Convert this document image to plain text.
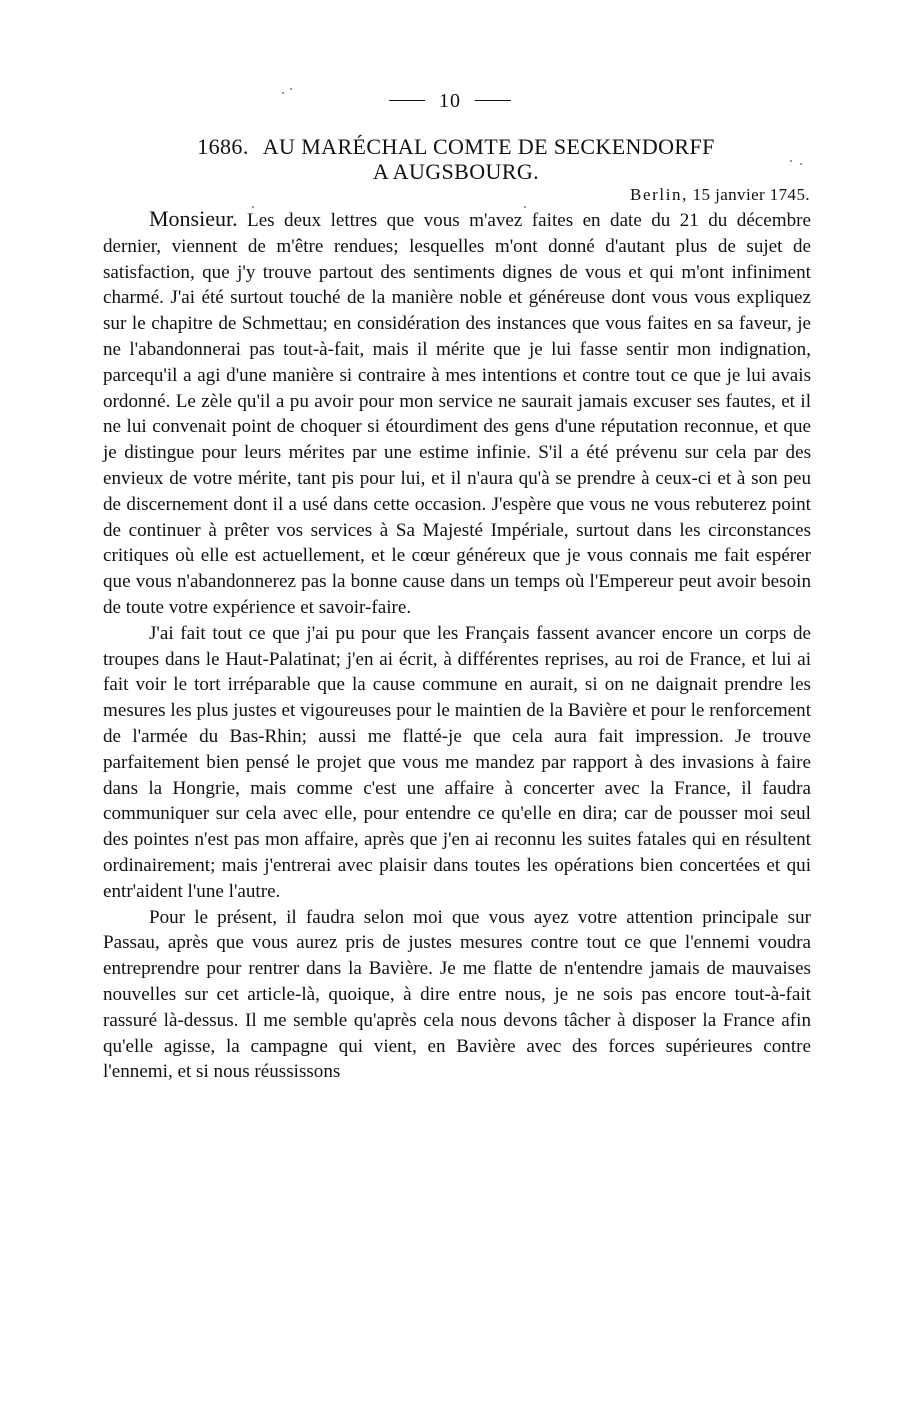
10
1686. AU MARÉCHAL COMTE DE SECKENDORFF
A AUGSBOURG.
Berlin, 15 janvier 1745.

Monsieur. Les deux lettres que vous m'avez faites en date du 21 du décembre dernier, viennent de m'être rendues; lesquelles m'ont donné d'autant plus de sujet de satisfaction, que j'y trouve partout des sentiments dignes de vous et qui m'ont infiniment charmé. J'ai été surtout touché de la manière noble et généreuse dont vous vous expliquez sur le chapitre de Schmettau; en considération des instances que vous faites en sa faveur, je ne l'abandonnerai pas tout-à-fait, mais il mérite que je lui fasse sentir mon indignation, parcequ'il a agi d'une manière si contraire à mes intentions et contre tout ce que je lui avais ordonné. Le zèle qu'il a pu avoir pour mon service ne saurait jamais excuser ses fautes, et il ne lui convenait point de choquer si étourdiment des gens d'une réputation reconnue, et que je distingue pour leurs mérites par une estime infinie. S'il a été prévenu sur cela par des envieux de votre mérite, tant pis pour lui, et il n'aura qu'à se prendre à ceux-ci et à son peu de discernement dont il a usé dans cette occasion. J'espère que vous ne vous rebuterez point de continuer à prêter vos services à Sa Majesté Impériale, surtout dans les circonstances critiques où elle est actuellement, et le cœur généreux que je vous connais me fait espérer que vous n'abandonnerez pas la bonne cause dans un temps où l'Empereur peut avoir besoin de toute votre expérience et savoir-faire.

J'ai fait tout ce que j'ai pu pour que les Français fassent avancer encore un corps de troupes dans le Haut-Palatinat; j'en ai écrit, à différentes reprises, au roi de France, et lui ai fait voir le tort irréparable que la cause commune en aurait, si on ne daignait prendre les mesures les plus justes et vigoureuses pour le maintien de la Bavière et pour le renforcement de l'armée du Bas-Rhin; aussi me flatté-je que cela aura fait impression. Je trouve parfaitement bien pensé le projet que vous me mandez par rapport à des invasions à faire dans la Hongrie, mais comme c'est une affaire à concerter avec la France, il faudra communiquer sur cela avec elle, pour entendre ce qu'elle en dira; car de pousser moi seul des pointes n'est pas mon affaire, après que j'en ai reconnu les suites fatales qui en résultent ordinairement; mais j'entrerai avec plaisir dans toutes les opérations bien concertées et qui entr'aident l'une l'autre.

Pour le présent, il faudra selon moi que vous ayez votre attention principale sur Passau, après que vous aurez pris de justes mesures contre tout ce que l'ennemi voudra entreprendre pour rentrer dans la Bavière. Je me flatte de n'entendre jamais de mauvaises nouvelles sur cet article-là, quoique, à dire entre nous, je ne sois pas encore tout-à-fait rassuré là-dessus. Il me semble qu'après cela nous devons tâcher à disposer la France afin qu'elle agisse, la campagne qui vient, en Bavière avec des forces supérieures contre l'ennemi, et si nous réussissons
